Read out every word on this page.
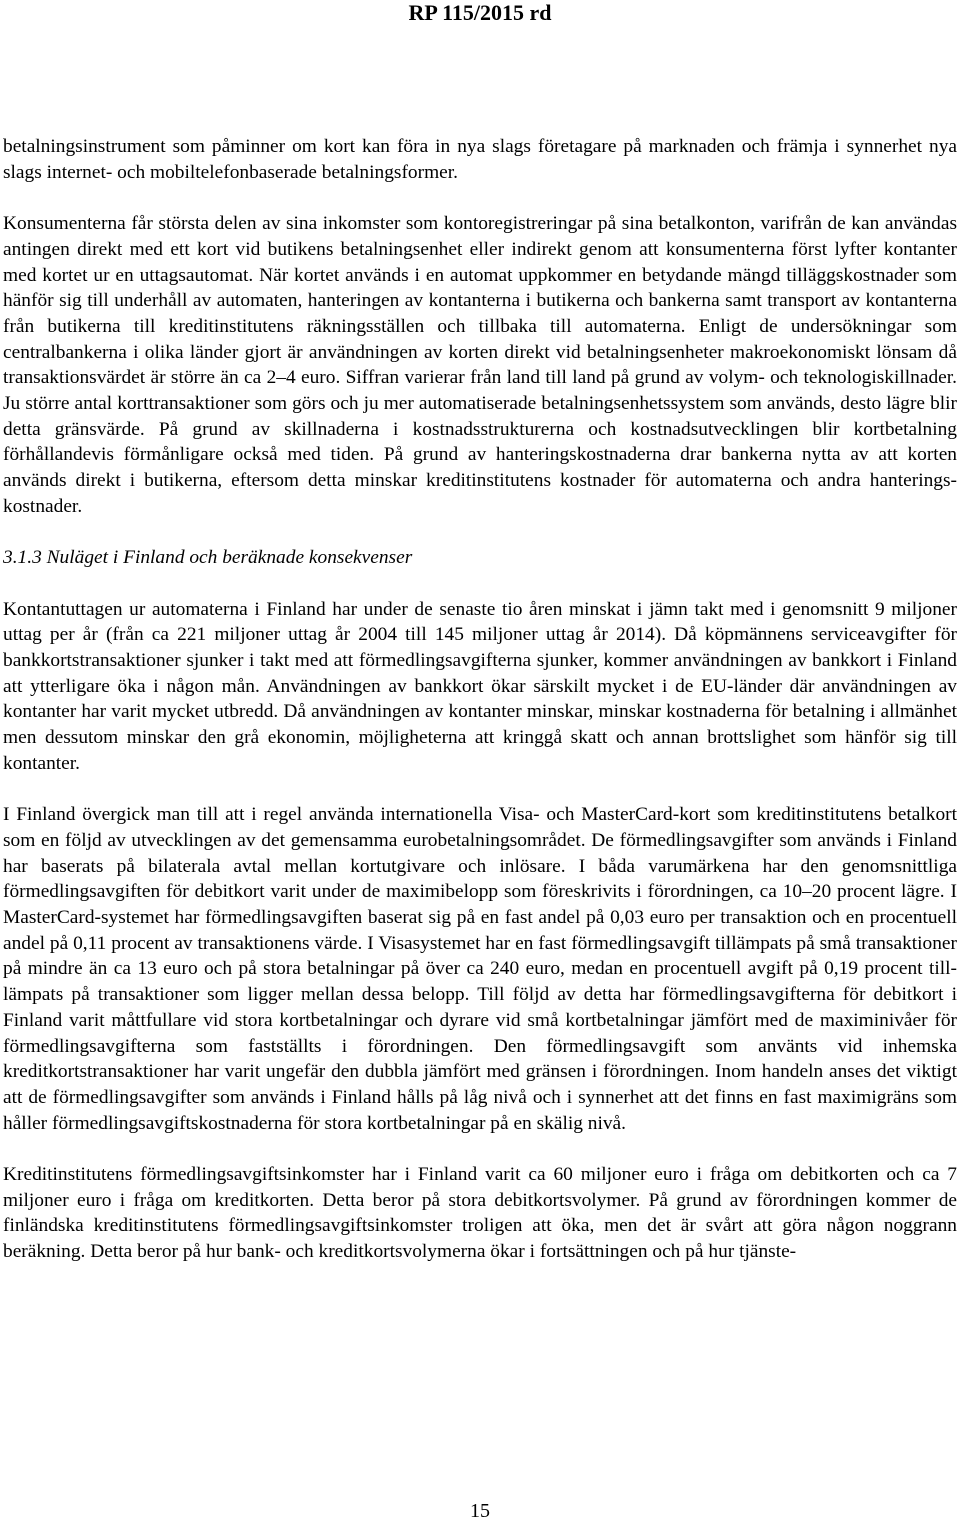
RP 115/2015 rd

betalningsinstrument som påminner om kort kan föra in nya slags företagare på marknaden och främja i synnerhet nya slags internet- och mobiltelefonbaserade betalningsformer.

Konsumenterna får största delen av sina inkomster som kontoregistreringar på sina betalkonton, varifrån de kan användas antingen direkt med ett kort vid butikens betalningsenhet eller indirekt genom att konsumenterna först lyfter kontanter med kortet ur en uttagsautomat. När kortet används i en automat uppkommer en betydande mängd tilläggskostnader som hänför sig till underhåll av automaten, hanteringen av kontanterna i butikerna och bankerna samt transport av kontanterna från butikerna till kreditinstitutens räkningsställen och tillbaka till automaterna. Enligt de undersökningar som centralbankerna i olika länder gjort är användningen av korten direkt vid betalningsenheter makroekonomiskt lönsam då transaktionsvärdet är större än ca 2–4 euro. Siffran varierar från land till land på grund av volym- och teknologiskillnader. Ju större antal korttransaktioner som görs och ju mer automatiserade betalningsenhetssystem som används, desto lägre blir detta gränsvärde. På grund av skillnaderna i kostnadsstrukturerna och kostnadsutvecklingen blir kortbetalning förhållandevis förmånligare också med tiden. På grund av hanteringskostnaderna drar bankerna nytta av att korten används direkt i butikerna, eftersom detta minskar kreditinstitutens kostnader för automaterna och andra hanteringskostnader.

3.1.3 Nuläget i Finland och beräknade konsekvenser

Kontantuttagen ur automaterna i Finland har under de senaste tio åren minskat i jämn takt med i genomsnitt 9 miljoner uttag per år (från ca 221 miljoner uttag år 2004 till 145 miljoner uttag år 2014). Då köpmännens serviceavgifter för bankkortstransaktioner sjunker i takt med att förmedlingsavgifterna sjunker, kommer användningen av bankkort i Finland att ytterligare öka i någon mån. Användningen av bankkort ökar särskilt mycket i de EU-länder där användningen av kontanter har varit mycket utbredd. Då användningen av kontanter minskar, minskar kostnaderna för betalning i allmänhet men dessutom minskar den grå ekonomin, möjligheterna att kringgå skatt och annan brottslighet som hänför sig till kontanter.

I Finland övergick man till att i regel använda internationella Visa- och MasterCard-kort som kreditinstitutens betalkort som en följd av utvecklingen av det gemensamma eurobetalningsområdet. De förmedlingsavgifter som används i Finland har baserats på bilaterala avtal mellan kortutgivare och inlösare. I båda varumärkena har den genomsnittliga förmedlingsavgiften för debitkort varit under de maximibelopp som föreskrivits i förordningen, ca 10–20 procent lägre. I MasterCard-systemet har förmedlingsavgiften baserat sig på en fast andel på 0,03 euro per transaktion och en procentuell andel på 0,11 procent av transaktionens värde. I Visasystemet har en fast förmedlingsavgift tillämpats på små transaktioner på mindre än ca 13 euro och på stora betalningar på över ca 240 euro, medan en procentuell avgift på 0,19 procent tilllämpats på transaktioner som ligger mellan dessa belopp. Till följd av detta har förmedlingsavgifterna för debitkort i Finland varit måttfullare vid stora kortbetalningar och dyrare vid små kortbetalningar jämfört med de maximinivåer för förmedlingsavgifterna som fastställts i förordningen. Den förmedlingsavgift som använts vid inhemska kreditkortstransaktioner har varit ungefär den dubbla jämfört med gränsen i förordningen. Inom handeln anses det viktigt att de förmedlingsavgifter som används i Finland hålls på låg nivå och i synnerhet att det finns en fast maximigräns som håller förmedlingsavgiftskostnaderna för stora kortbetalningar på en skälig nivå.

Kreditinstitutens förmedlingsavgiftsinkomster har i Finland varit ca 60 miljoner euro i fråga om debitkorten och ca 7 miljoner euro i fråga om kreditkorten. Detta beror på stora debitkortsvolymer. På grund av förordningen kommer de finländska kreditinstitutens förmedlingsavgiftsinkomster troligen att öka, men det är svårt att göra någon noggrann beräkning. Detta beror på hur bank- och kreditkortsvolymerna ökar i fortsättningen och på hur tjänste-

15
